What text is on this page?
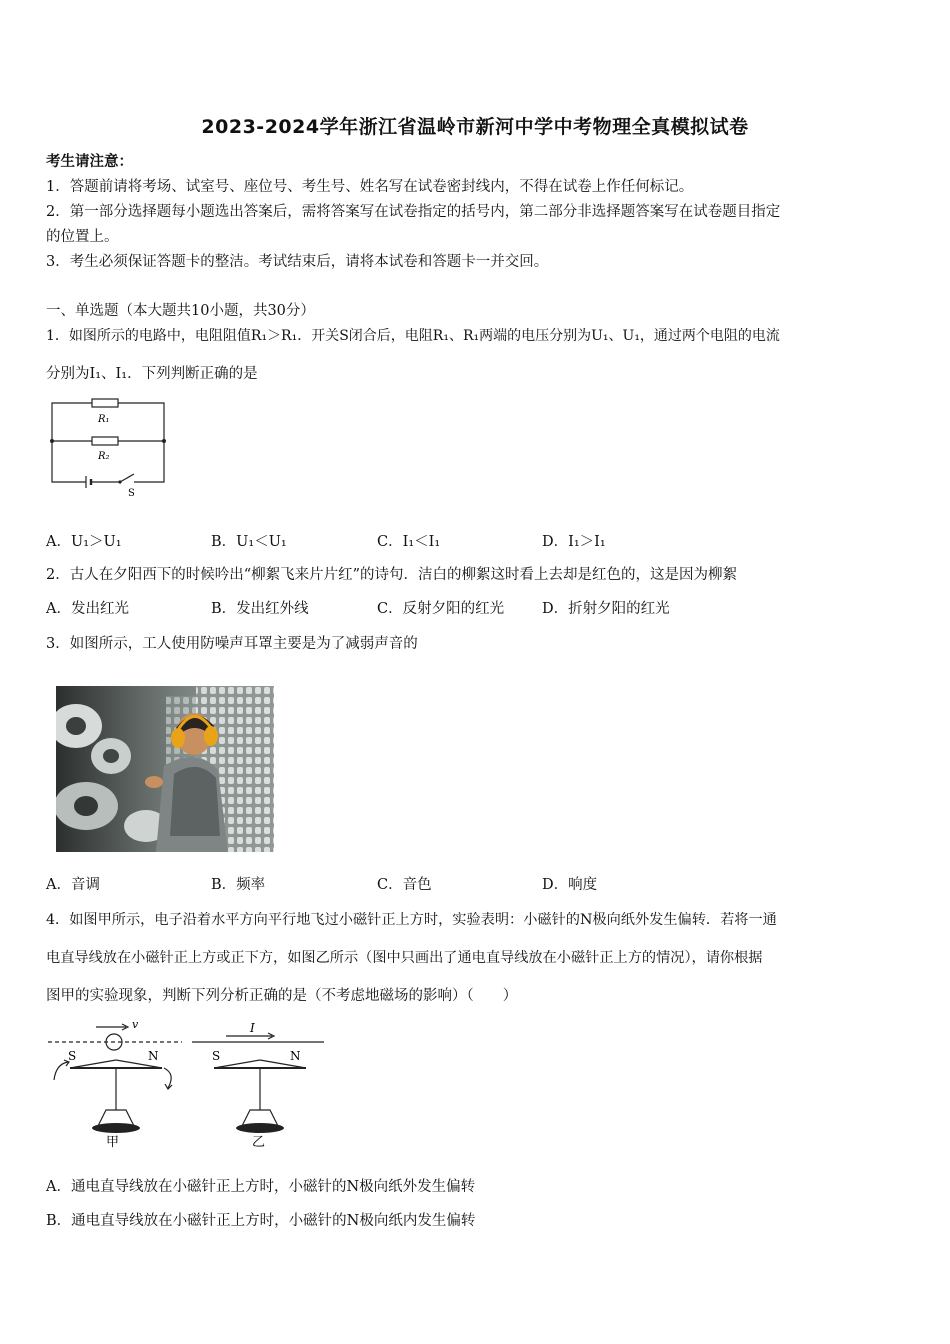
2023-2024学年浙江省温岭市新河中学中考物理全真模拟试卷
考生请注意：
1．答题前请将考场、试室号、座位号、考生号、姓名写在试卷密封线内，不得在试卷上作任何标记。
2．第一部分选择题每小题选出答案后，需将答案写在试卷指定的括号内，第二部分非选择题答案写在试卷题目指定
的位置上。
3．考生必须保证答题卡的整洁。考试结束后，请将本试卷和答题卡一并交回。
一、单选题（本大题共10小题，共30分）
1．如图所示的电路中，电阻阻值R₁＞R₁．开关S闭合后，电阻R₁、R₁两端的电压分别为U₁、U₁，通过两个电阻的电流
分别为I₁、I₁．下列判断正确的是
R₁
R₂
S
A．U₁＞U₁	B．U₁＜U₁	C．I₁＜I₁	D．I₁＞I₁
2．古人在夕阳西下的时候吟出“柳絮飞来片片红”的诗句．洁白的柳絮这时看上去却是红色的，这是因为柳絮
A．发出红光	B．发出红外线	C．反射夕阳的红光	D．折射夕阳的红光
3．如图所示，工人使用防噪声耳罩主要是为了减弱声音的
A．音调	B．频率	C．音色	D．响度
4．如图甲所示，电子沿着水平方向平行地飞过小磁针正上方时，实验表明：小磁针的N极向纸外发生偏转．若将一通
电直导线放在小磁针正上方或正下方，如图乙所示（图中只画出了通电直导线放在小磁针正上方的情况），请你根据
图甲的实验现象，判断下列分析正确的是（不考虑地磁场的影响）（　　）
v	I
S	N	S	N
甲	乙
A．通电直导线放在小磁针正上方时，小磁针的N极向纸外发生偏转
B．通电直导线放在小磁针正上方时，小磁针的N极向纸内发生偏转
